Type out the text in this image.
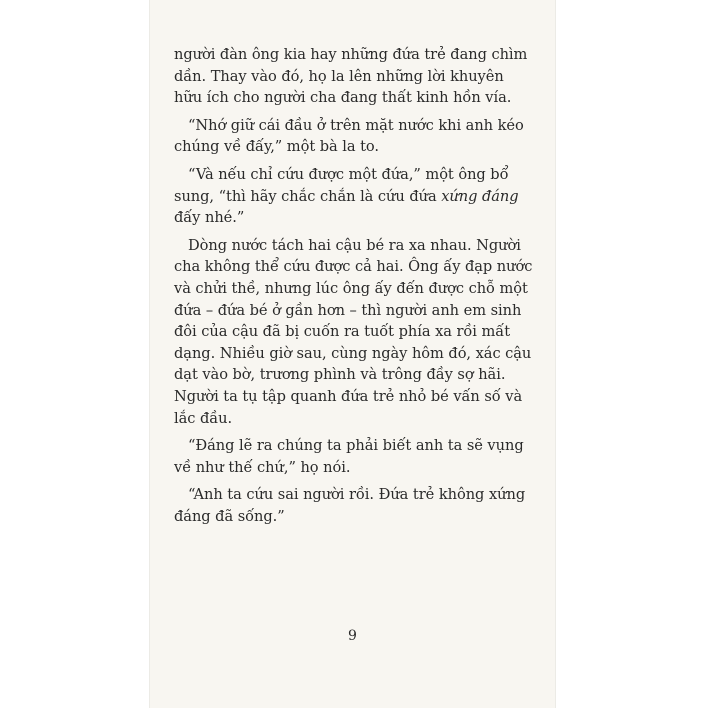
người đàn ông kia hay những đứa trẻ đang chìm dần. Thay vào đó, họ la lên những lời khuyên hữu ích cho người cha đang thất kinh hồn vía.

“Nhớ giữ cái đầu ở trên mặt nước khi anh kéo chúng về đấy,” một bà la to.

“Và nếu chỉ cứu được một đứa,” một ông bổ sung, “thì hãy chắc chắn là cứu đứa xứng đáng đấy nhé.”

Dòng nước tách hai cậu bé ra xa nhau. Người cha không thể cứu được cả hai. Ông ấy đạp nước và chửi thề, nhưng lúc ông ấy đến được chỗ một đứa – đứa bé ở gần hơn – thì người anh em sinh đôi của cậu đã bị cuốn ra tuốt phía xa rồi mất dạng. Nhiều giờ sau, cùng ngày hôm đó, xác cậu dạt vào bờ, trương phình và trông đầy sợ hãi. Người ta tụ tập quanh đứa trẻ nhỏ bé vấn số và lắc đầu.

“Đáng lẽ ra chúng ta phải biết anh ta sẽ vụng về như thế chứ,” họ nói.

“Anh ta cứu sai người rồi. Đứa trẻ không xứng đáng đã sống.”

9
